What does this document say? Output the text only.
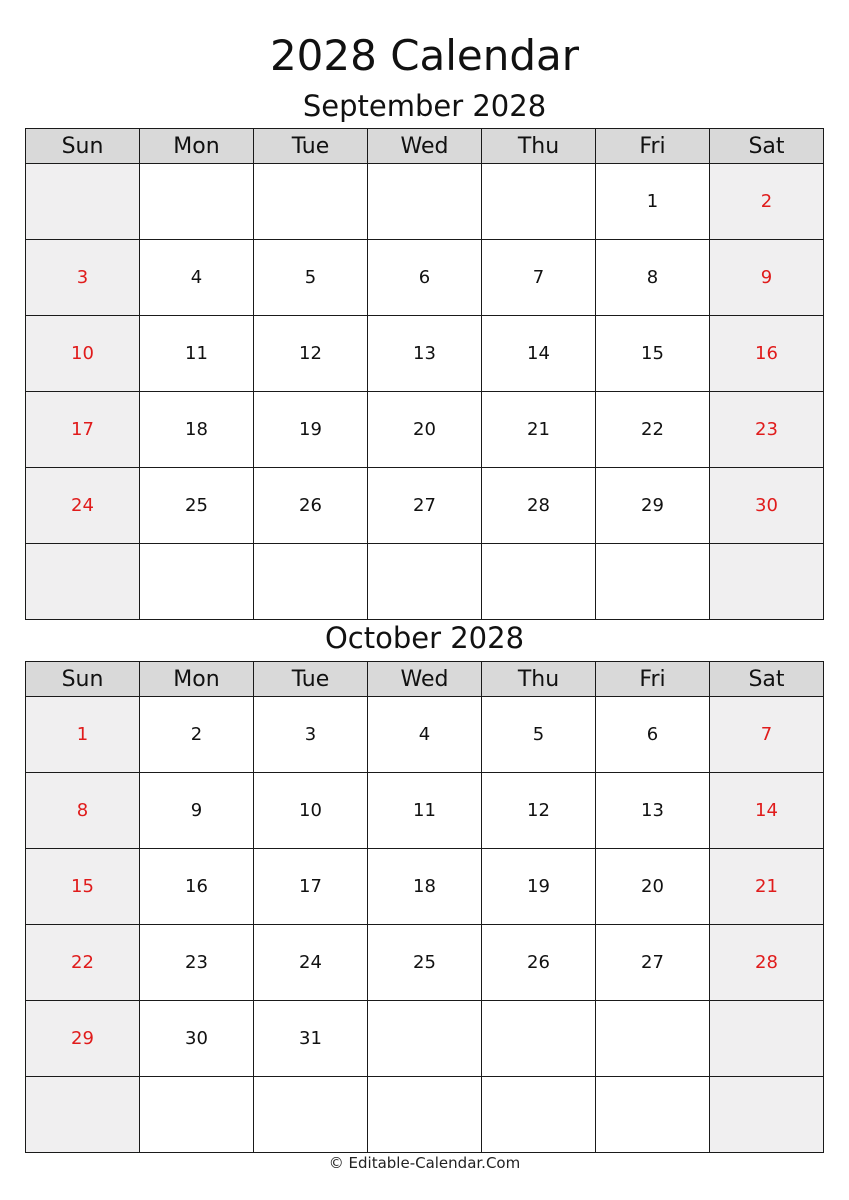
2028 Calendar
September 2028
Sun	Mon	Tue	Wed	Thu	Fri	Sat
					1	2
3	4	5	6	7	8	9
10	11	12	13	14	15	16
17	18	19	20	21	22	23
24	25	26	27	28	29	30

October 2028
Sun	Mon	Tue	Wed	Thu	Fri	Sat
1	2	3	4	5	6	7
8	9	10	11	12	13	14
15	16	17	18	19	20	21
22	23	24	25	26	27	28
29	30	31				

© Editable-Calendar.Com
